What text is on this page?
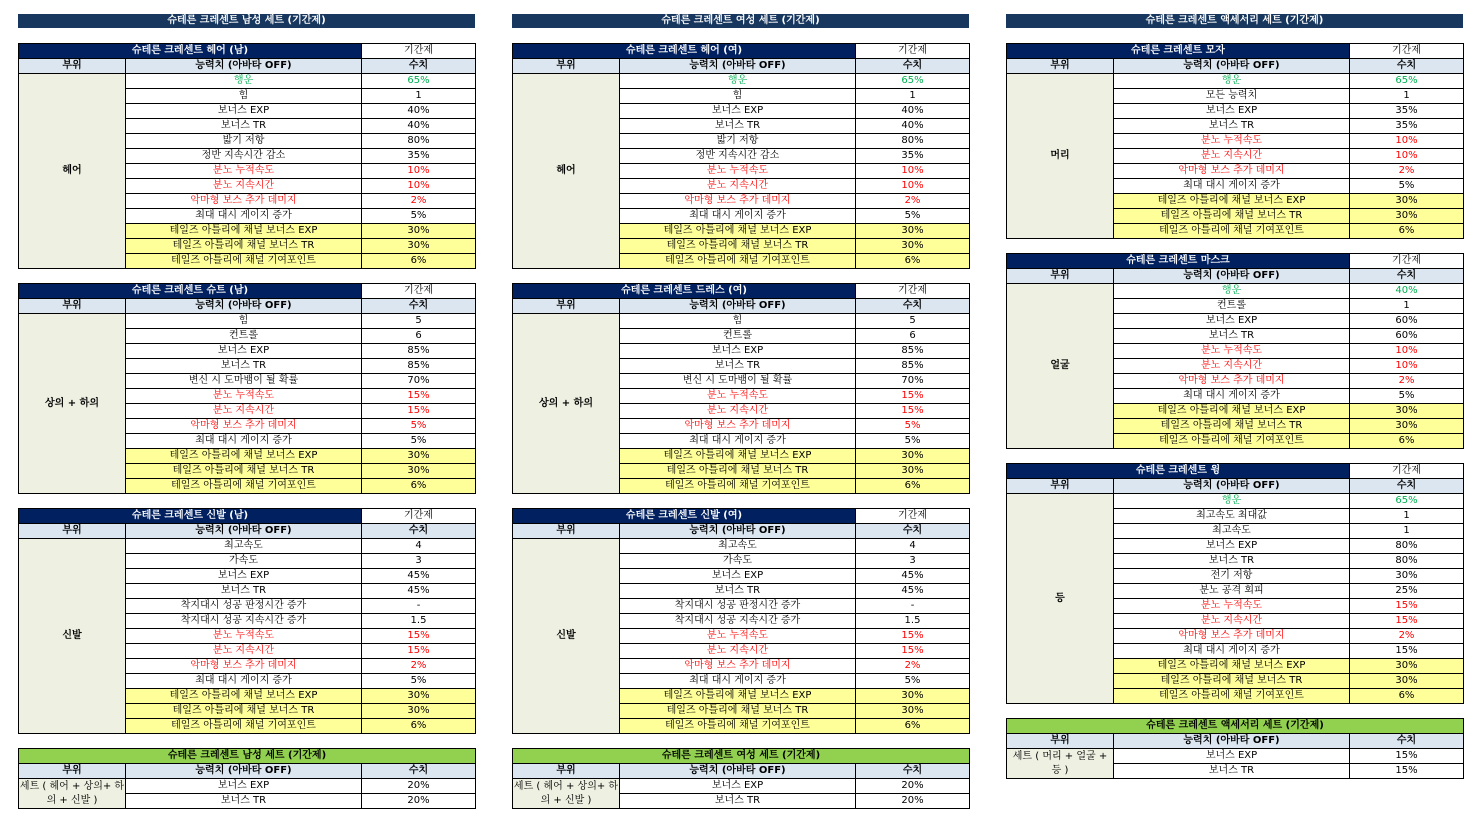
슈테른 크레센트 남성 세트 (기간제)	슈테른 크레센트 여성 세트 (기간제)	슈테른 크레센트 액세서리 세트 (기간제)
슈테른 크레센트 헤어 (남)		기간제
부위	능력치 (아바타 OFF)	수치
헤어	행운	65%
	힘	1
	보너스 EXP	40%
	보너스 TR	40%
	밟기 저항	80%
	정반 지속시간 감소	35%
	분노 누적속도	10%
	분노 지속시간	10%
	악마형 보스 추가 데미지	2%
	최대 대시 게이지 증가	5%
	테일즈 아틀리에 채널 보너스 EXP	30%
	테일즈 아틀리에 채널 보너스 TR	30%
	테일즈 아틀리에 채널 기여포인트	6%
슈테른 크레센트 슈트 (남)		기간제
부위	능력치 (아바타 OFF)	수치
상의 + 하의	힘	5
	컨트롤	6
	보너스 EXP	85%
	보너스 TR	85%
	변신 시 도마뱀이 될 확률	70%
	분노 누적속도	15%
	분노 지속시간	15%
	악마형 보스 추가 데미지	5%
	최대 대시 게이지 증가	5%
	테일즈 아틀리에 채널 보너스 EXP	30%
	테일즈 아틀리에 채널 보너스 TR	30%
	테일즈 아틀리에 채널 기여포인트	6%
슈테른 크레센트 신발 (남)		기간제
부위	능력치 (아바타 OFF)	수치
신발	최고속도	4
	가속도	3
	보너스 EXP	45%
	보너스 TR	45%
	착지대시 성공 판정시간 증가	-
	착지대시 성공 지속시간 증가	1.5
	분노 누적속도	15%
	분노 지속시간	15%
	악마형 보스 추가 데미지	2%
	최대 대시 게이지 증가	5%
	테일즈 아틀리에 채널 보너스 EXP	30%
	테일즈 아틀리에 채널 보너스 TR	30%
	테일즈 아틀리에 채널 기여포인트	6%
슈테른 크레센트 헤어 (여)		기간제
부위	능력치 (아바타 OFF)	수치
헤어	행운	65%
	힘	1
	보너스 EXP	40%
	보너스 TR	40%
	밟기 저항	80%
	정반 지속시간 감소	35%
	분노 누적속도	10%
	분노 지속시간	10%
	악마형 보스 추가 데미지	2%
	최대 대시 게이지 증가	5%
	테일즈 아틀리에 채널 보너스 EXP	30%
	테일즈 아틀리에 채널 보너스 TR	30%
	테일즈 아틀리에 채널 기여포인트	6%
슈테른 크레센트 드레스 (여)		기간제
부위	능력치 (아바타 OFF)	수치
상의 + 하의	힘	5
	컨트롤	6
	보너스 EXP	85%
	보너스 TR	85%
	변신 시 도마뱀이 될 확률	70%
	분노 누적속도	15%
	분노 지속시간	15%
	악마형 보스 추가 데미지	5%
	최대 대시 게이지 증가	5%
	테일즈 아틀리에 채널 보너스 EXP	30%
	테일즈 아틀리에 채널 보너스 TR	30%
	테일즈 아틀리에 채널 기여포인트	6%
슈테른 크레센트 신발 (여)		기간제
부위	능력치 (아바타 OFF)	수치
신발	최고속도	4
	가속도	3
	보너스 EXP	45%
	보너스 TR	45%
	착지대시 성공 판정시간 증가	-
	착지대시 성공 지속시간 증가	1.5
	분노 누적속도	15%
	분노 지속시간	15%
	악마형 보스 추가 데미지	2%
	최대 대시 게이지 증가	5%
	테일즈 아틀리에 채널 보너스 EXP	30%
	테일즈 아틀리에 채널 보너스 TR	30%
	테일즈 아틀리에 채널 기여포인트	6%
슈테른 크레센트 모자		기간제
부위	능력치 (아바타 OFF)	수치
머리	행운	65%
	모든 능력치	1
	보너스 EXP	35%
	보너스 TR	35%
	분노 누적속도	10%
	분노 지속시간	10%
	악마형 보스 추가 데미지	2%
	최대 대시 게이지 증가	5%
	테일즈 아틀리에 채널 보너스 EXP	30%
	테일즈 아틀리에 채널 보너스 TR	30%
	테일즈 아틀리에 채널 기여포인트	6%
슈테른 크레센트 마스크		기간제
부위	능력치 (아바타 OFF)	수치
얼굴	행운	40%
	컨트롤	1
	보너스 EXP	60%
	보너스 TR	60%
	분노 누적속도	10%
	분노 지속시간	10%
	악마형 보스 추가 데미지	2%
	최대 대시 게이지 증가	5%
	테일즈 아틀리에 채널 보너스 EXP	30%
	테일즈 아틀리에 채널 보너스 TR	30%
	테일즈 아틀리에 채널 기여포인트	6%
슈테른 크레센트 윙		기간제
부위	능력치 (아바타 OFF)	수치
등	행운	65%
	최고속도 최대값	1
	최고속도	1
	보너스 EXP	80%
	보너스 TR	80%
	전기 저항	30%
	분노 공격 회피	25%
	분노 누적속도	15%
	분노 지속시간	15%
	악마형 보스 추가 데미지	2%
	최대 대시 게이지 증가	15%
	테일즈 아틀리에 채널 보너스 EXP	30%
	테일즈 아틀리에 채널 보너스 TR	30%
	테일즈 아틀리에 채널 기여포인트	6%
슈테른 크레센트 남성 세트 (기간제)		
부위	능력치 (아바타 OFF)	수치
세트 ( 헤어 + 상의+ 하의 + 신발 )	보너스 EXP	20%
	보너스 TR	20%
슈테른 크레센트 여성 세트 (기간제)		
부위	능력치 (아바타 OFF)	수치
세트 ( 헤어 + 상의+ 하의 + 신발 )	보너스 EXP	20%
	보너스 TR	20%
슈테른 크레센트 액세서리 세트 (기간제)		
부위	능력치 (아바타 OFF)	수치
세트 ( 머리 + 얼굴 + 등 )	보너스 EXP	15%
	보너스 TR	15%
